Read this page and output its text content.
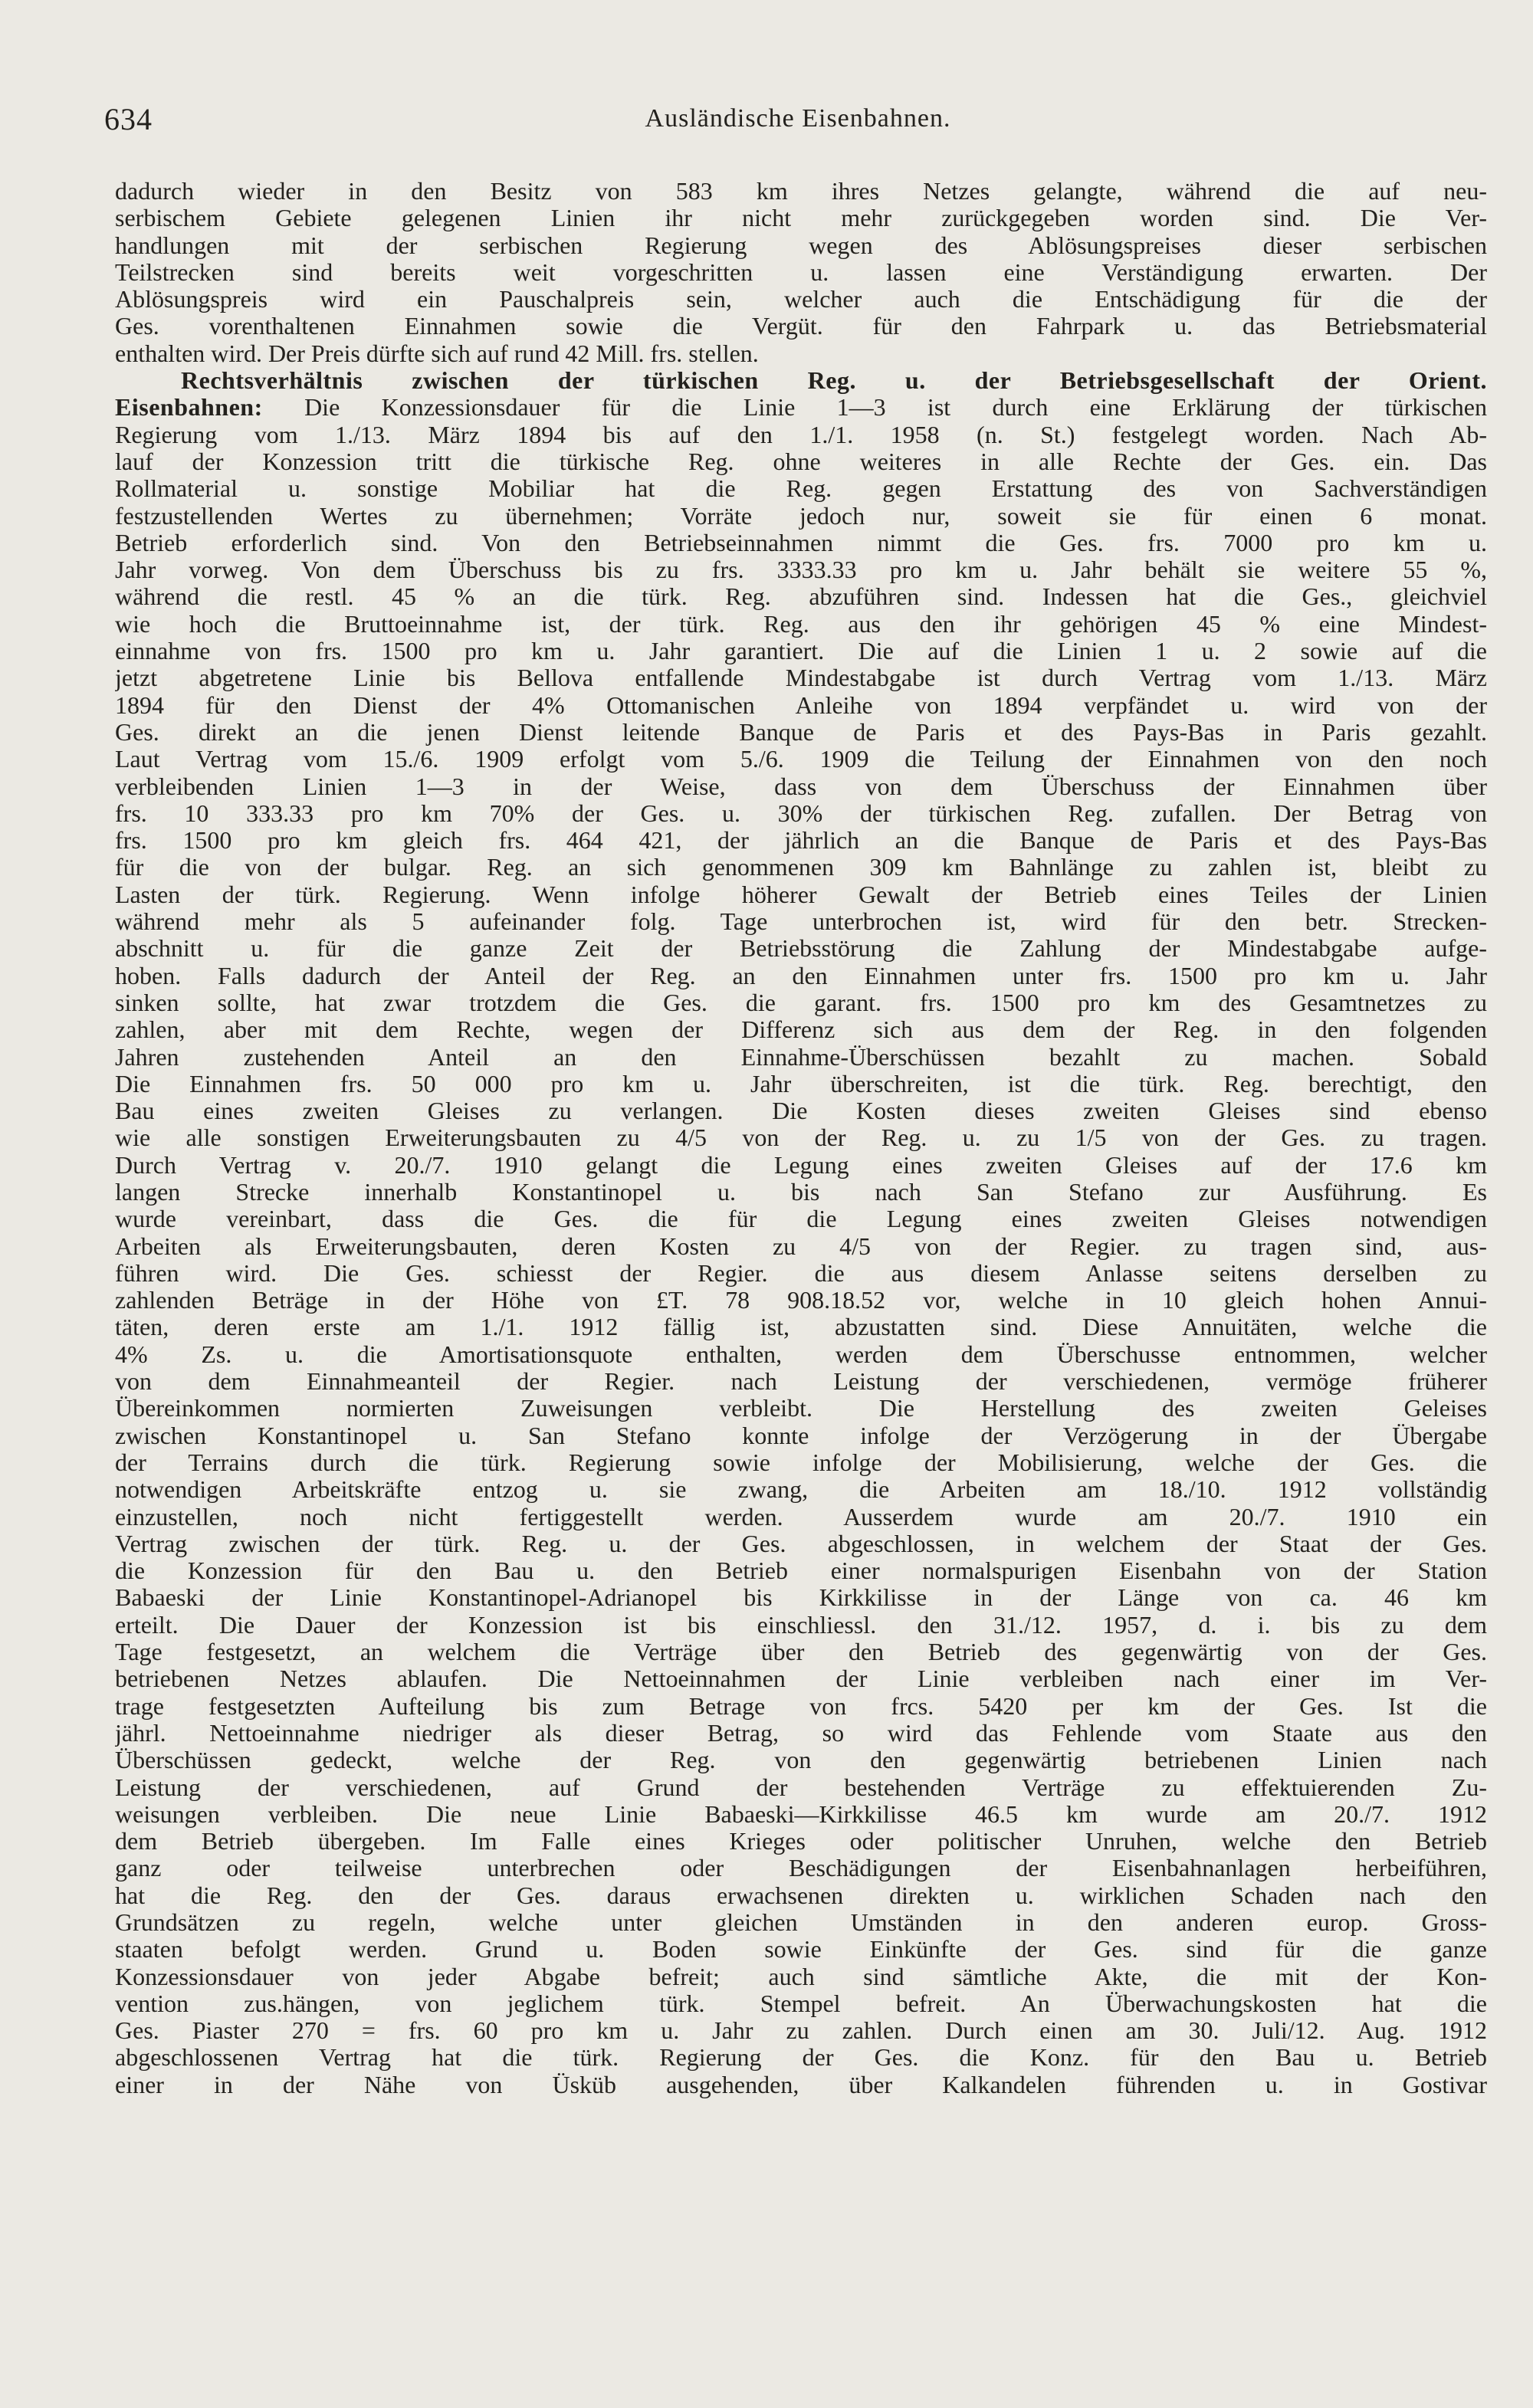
634	Ausländische Eisenbahnen.
dadurch wieder in den Besitz von 583 km ihres Netzes gelangte, während die auf neu-
serbischem Gebiete gelegenen Linien ihr nicht mehr zurückgegeben worden sind. Die Ver-
handlungen mit der serbischen Regierung wegen des Ablösungspreises dieser serbischen
Teilstrecken sind bereits weit vorgeschritten u. lassen eine Verständigung erwarten. Der
Ablösungspreis wird ein Pauschalpreis sein, welcher auch die Entschädigung für die der
Ges. vorenthaltenen Einnahmen sowie die Vergüt. für den Fahrpark u. das Betriebsmaterial
enthalten wird. Der Preis dürfte sich auf rund 42 Mill. frs. stellen.
Rechtsverhältnis zwischen der türkischen Reg. u. der Betriebsgesellschaft der Orient.
Eisenbahnen: Die Konzessionsdauer für die Linie 1—3 ist durch eine Erklärung der türkischen
Regierung vom 1./13. März 1894 bis auf den 1./1. 1958 (n. St.) festgelegt worden. Nach Ab-
lauf der Konzession tritt die türkische Reg. ohne weiteres in alle Rechte der Ges. ein. Das
Rollmaterial u. sonstige Mobiliar hat die Reg. gegen Erstattung des von Sachverständigen
festzustellenden Wertes zu übernehmen; Vorräte jedoch nur, soweit sie für einen 6 monat.
Betrieb erforderlich sind. Von den Betriebseinnahmen nimmt die Ges. frs. 7000 pro km u.
Jahr vorweg. Von dem Überschuss bis zu frs. 3333.33 pro km u. Jahr behält sie weitere 55 %,
während die restl. 45 % an die türk. Reg. abzuführen sind. Indessen hat die Ges., gleichviel
wie hoch die Bruttoeinnahme ist, der türk. Reg. aus den ihr gehörigen 45 % eine Mindest-
einnahme von frs. 1500 pro km u. Jahr garantiert. Die auf die Linien 1 u. 2 sowie auf die
jetzt abgetretene Linie bis Bellova entfallende Mindestabgabe ist durch Vertrag vom 1./13. März
1894 für den Dienst der 4% Ottomanischen Anleihe von 1894 verpfändet u. wird von der
Ges. direkt an die jenen Dienst leitende Banque de Paris et des Pays-Bas in Paris gezahlt.
Laut Vertrag vom 15./6. 1909 erfolgt vom 5./6. 1909 die Teilung der Einnahmen von den noch
verbleibenden Linien 1—3 in der Weise, dass von dem Überschuss der Einnahmen über
frs. 10 333.33 pro km 70% der Ges. u. 30% der türkischen Reg. zufallen. Der Betrag von
frs. 1500 pro km gleich frs. 464 421, der jährlich an die Banque de Paris et des Pays-Bas
für die von der bulgar. Reg. an sich genommenen 309 km Bahnlänge zu zahlen ist, bleibt zu
Lasten der türk. Regierung. Wenn infolge höherer Gewalt der Betrieb eines Teiles der Linien
während mehr als 5 aufeinander folg. Tage unterbrochen ist, wird für den betr. Strecken-
abschnitt u. für die ganze Zeit der Betriebsstörung die Zahlung der Mindestabgabe aufge-
hoben. Falls dadurch der Anteil der Reg. an den Einnahmen unter frs. 1500 pro km u. Jahr
sinken sollte, hat zwar trotzdem die Ges. die garant. frs. 1500 pro km des Gesamtnetzes zu
zahlen, aber mit dem Rechte, wegen der Differenz sich aus dem der Reg. in den folgenden
Jahren zustehenden Anteil an den Einnahme-Überschüssen bezahlt zu machen. Sobald
Die Einnahmen frs. 50 000 pro km u. Jahr überschreiten, ist die türk. Reg. berechtigt, den
Bau eines zweiten Gleises zu verlangen. Die Kosten dieses zweiten Gleises sind ebenso
wie alle sonstigen Erweiterungsbauten zu 4/5 von der Reg. u. zu 1/5 von der Ges. zu tragen.
Durch Vertrag v. 20./7. 1910 gelangt die Legung eines zweiten Gleises auf der 17.6 km
langen Strecke innerhalb Konstantinopel u. bis nach San Stefano zur Ausführung. Es
wurde vereinbart, dass die Ges. die für die Legung eines zweiten Gleises notwendigen
Arbeiten als Erweiterungsbauten, deren Kosten zu 4/5 von der Regier. zu tragen sind, aus-
führen wird. Die Ges. schiesst der Regier. die aus diesem Anlasse seitens derselben zu
zahlenden Beträge in der Höhe von £T. 78 908.18.52 vor, welche in 10 gleich hohen Annui-
täten, deren erste am 1./1. 1912 fällig ist, abzustatten sind. Diese Annuitäten, welche die
4% Zs. u. die Amortisationsquote enthalten, werden dem Überschusse entnommen, welcher
von dem Einnahmeanteil der Regier. nach Leistung der verschiedenen, vermöge früherer
Übereinkommen normierten Zuweisungen verbleibt. Die Herstellung des zweiten Geleises
zwischen Konstantinopel u. San Stefano konnte infolge der Verzögerung in der Übergabe
der Terrains durch die türk. Regierung sowie infolge der Mobilisierung, welche der Ges. die
notwendigen Arbeitskräfte entzog u. sie zwang, die Arbeiten am 18./10. 1912 vollständig
einzustellen, noch nicht fertiggestellt werden. Ausserdem wurde am 20./7. 1910 ein
Vertrag zwischen der türk. Reg. u. der Ges. abgeschlossen, in welchem der Staat der Ges.
die Konzession für den Bau u. den Betrieb einer normalspurigen Eisenbahn von der Station
Babaeski der Linie Konstantinopel-Adrianopel bis Kirkkilisse in der Länge von ca. 46 km
erteilt. Die Dauer der Konzession ist bis einschliessl. den 31./12. 1957, d. i. bis zu dem
Tage festgesetzt, an welchem die Verträge über den Betrieb des gegenwärtig von der Ges.
betriebenen Netzes ablaufen. Die Nettoeinnahmen der Linie verbleiben nach einer im Ver-
trage festgesetzten Aufteilung bis zum Betrage von frcs. 5420 per km der Ges. Ist die
jährl. Nettoeinnahme niedriger als dieser Betrag, so wird das Fehlende vom Staate aus den
Überschüssen gedeckt, welche der Reg. von den gegenwärtig betriebenen Linien nach
Leistung der verschiedenen, auf Grund der bestehenden Verträge zu effektuierenden Zu-
weisungen verbleiben. Die neue Linie Babaeski—Kirkkilisse 46.5 km wurde am 20./7. 1912
dem Betrieb übergeben. Im Falle eines Krieges oder politischer Unruhen, welche den Betrieb
ganz oder teilweise unterbrechen oder Beschädigungen der Eisenbahnanlagen herbeiführen,
hat die Reg. den der Ges. daraus erwachsenen direkten u. wirklichen Schaden nach den
Grundsätzen zu regeln, welche unter gleichen Umständen in den anderen europ. Gross-
staaten befolgt werden. Grund u. Boden sowie Einkünfte der Ges. sind für die ganze
Konzessionsdauer von jeder Abgabe befreit; auch sind sämtliche Akte, die mit der Kon-
vention zus.hängen, von jeglichem türk. Stempel befreit. An Überwachungskosten hat die
Ges. Piaster 270 = frs. 60 pro km u. Jahr zu zahlen. Durch einen am 30. Juli/12. Aug. 1912
abgeschlossenen Vertrag hat die türk. Regierung der Ges. die Konz. für den Bau u. Betrieb
einer in der Nähe von Üsküb ausgehenden, über Kalkandelen führenden u. in Gostivar
